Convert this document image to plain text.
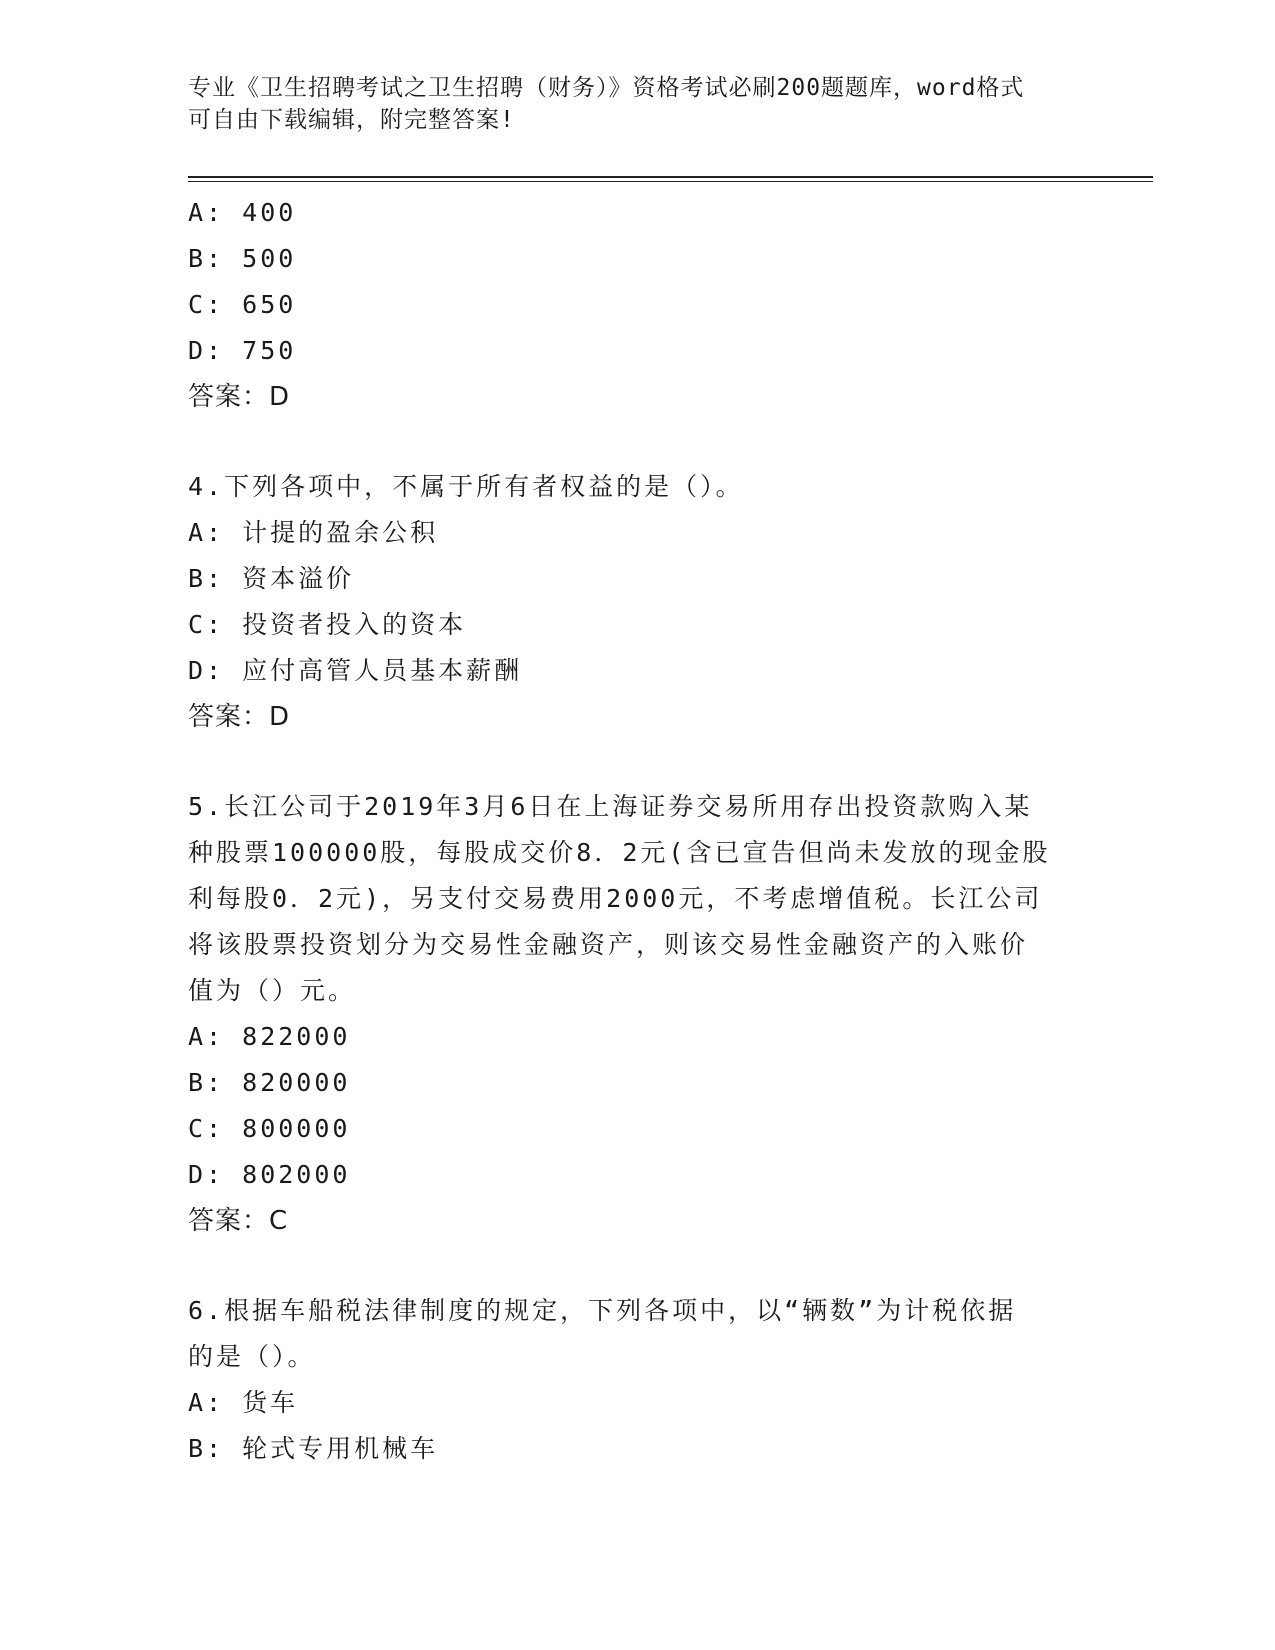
专业《卫生招聘考试之卫生招聘（财务）》资格考试必刷200题题库，word格式
可自由下载编辑，附完整答案!
A: 400
B: 500
C: 650
D: 750
答案：D
4.下列各项中，不属于所有者权益的是（）。
A: 计提的盈余公积
B: 资本溢价
C: 投资者投入的资本
D: 应付高管人员基本薪酬
答案：D
5.长江公司于2019年3月6日在上海证券交易所用存出投资款购入某
种股票100000股，每股成交价8．2元(含已宣告但尚未发放的现金股
利每股0．2元)，另支付交易费用2000元，不考虑增值税。长江公司
将该股票投资划分为交易性金融资产，则该交易性金融资产的入账价
值为（）元。
A: 822000
B: 820000
C: 800000
D: 802000
答案：C
6.根据车船税法律制度的规定，下列各项中，以“辆数”为计税依据
的是（）。
A: 货车
B: 轮式专用机械车
